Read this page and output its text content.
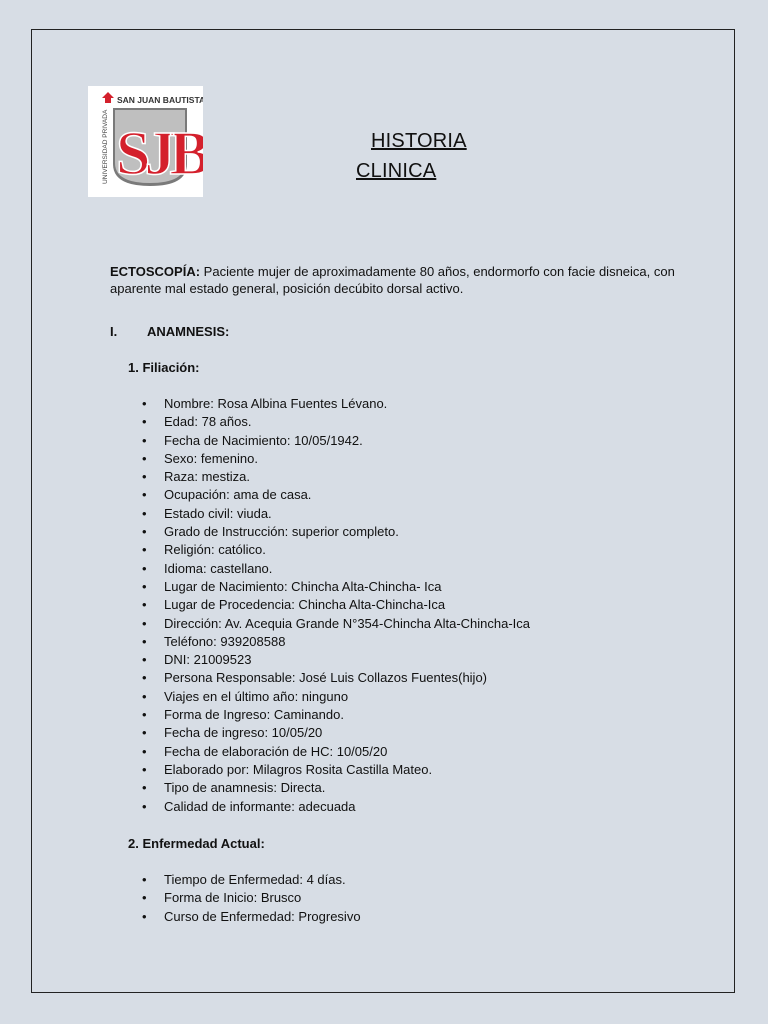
SAN JUAN BAUTISTA
UNIVERSIDAD PRIVADA SJB	HISTORIA
CLINICA
ECTOSCOPÍA: Paciente mujer de aproximadamente 80 años, endormorfo con facie disneica, con aparente mal estado general, posición decúbito dorsal activo.
I. ANAMNESIS:
1. Filiación:
• Nombre: Rosa Albina Fuentes Lévano.
• Edad: 78 años.
• Fecha de Nacimiento: 10/05/1942.
• Sexo: femenino.
• Raza: mestiza.
• Ocupación: ama de casa.
• Estado civil: viuda.
• Grado de Instrucción: superior completo.
• Religión: católico.
• Idioma: castellano.
• Lugar de Nacimiento: Chincha Alta-Chincha- Ica
• Lugar de Procedencia: Chincha Alta-Chincha-Ica
• Dirección: Av. Acequia Grande N°354-Chincha Alta-Chincha-Ica
• Teléfono: 939208588
• DNI: 21009523
• Persona Responsable: José Luis Collazos Fuentes(hijo)
• Viajes en el último año: ninguno
• Forma de Ingreso: Caminando.
• Fecha de ingreso: 10/05/20
• Fecha de elaboración de HC: 10/05/20
• Elaborado por: Milagros Rosita Castilla Mateo.
• Tipo de anamnesis: Directa.
• Calidad de informante: adecuada
2. Enfermedad Actual:
• Tiempo de Enfermedad: 4 días.
• Forma de Inicio: Brusco
• Curso de Enfermedad: Progresivo
